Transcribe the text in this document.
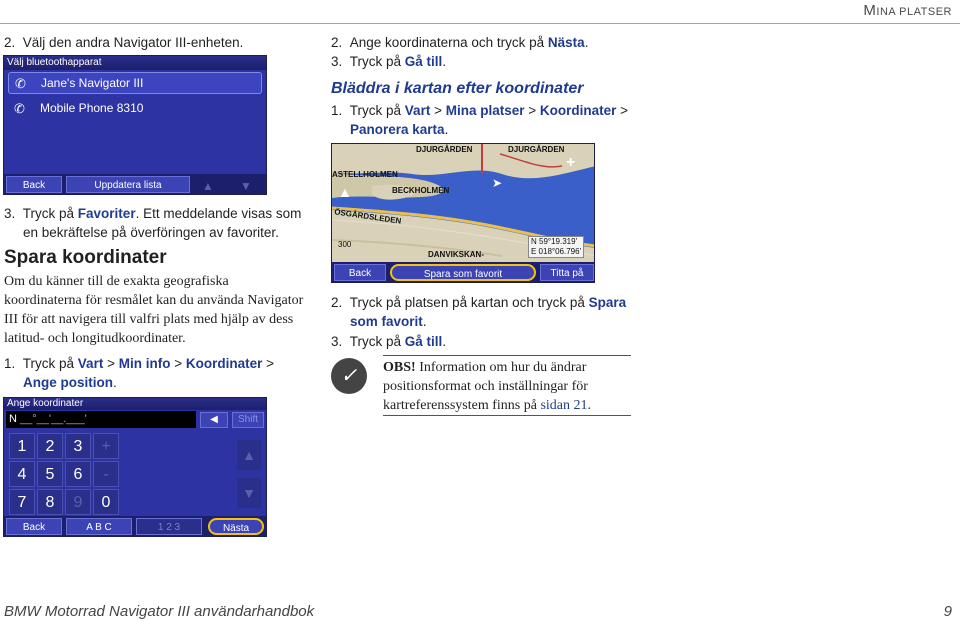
MINA PLATSER
2. Välj den andra Navigator III-enheten.
Välj bluetoothapparat
✆ Jane's Navigator III
✆ Mobile Phone 8310
Back	Uppdatera lista	▲ ▼
3. Tryck på Favoriter. Ett meddelande visas som
en bekräftelse på överföringen av favoriter.
Spara koordinater
Om du känner till de exakta geografiska
koordinaterna för resmålet kan du använda Navigator
III för att navigera till valfri plats med hjälp av dess
latitud- och longitudkoordinater.
1. Tryck på Vart > Min info > Koordinater >
Ange position.
Ange koordinater
N __°__'__.___'	◀	Shift
1	2	3	+
4	5	6	-
7	8	9	0
▲
▼
Back	A B C	1 2 3	Nästa
2. Ange koordinaterna och tryck på Nästa.
3. Tryck på Gå till.
Bläddra i kartan efter koordinater
1. Tryck på Vart > Mina platser > Koordinater >
Panorera karta.
DJURGÅRDEN	DJURGÅRDEN
ASTELLHOLMEN
BECKHOLMEN
ÖSGÅRDSLEDEN
DANVIKSKAN-
300
+
▲
➤
N 59°19.319'
E 018°06.796'
Back	Spara som favorit	Titta på
2. Tryck på platsen på kartan och tryck på Spara
som favorit.
3. Tryck på Gå till.
✓	OBS! Information om hur du ändrar
positionsformat och inställningar för
kartreferenssystem finns på sidan 21.
BMW Motorrad Navigator III användarhandbok	9
